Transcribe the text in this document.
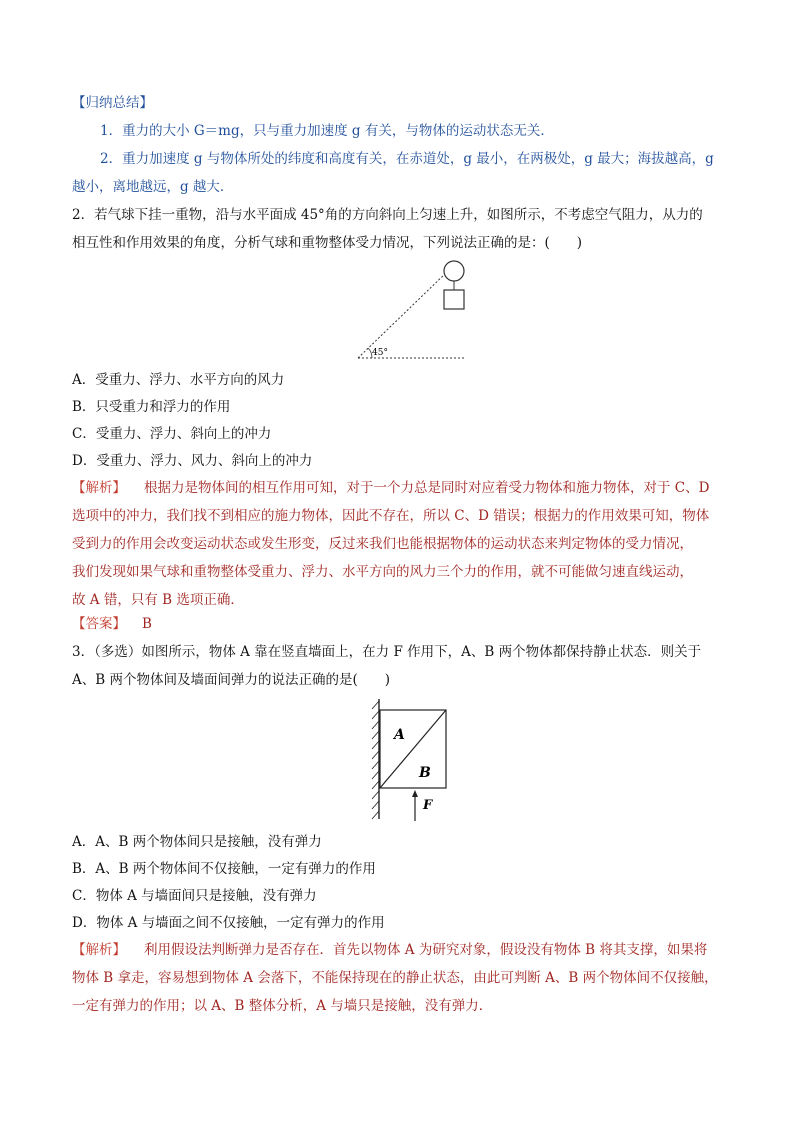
【归纳总结】
1．重力的大小 G＝mg，只与重力加速度 g 有关，与物体的运动状态无关．
2．重力加速度 g 与物体所处的纬度和高度有关，在赤道处，g 最小，在两极处，g 最大；海拔越高，g
越小，离地越远，g 越大．
2．若气球下挂一重物，沿与水平面成 45°角的方向斜向上匀速上升，如图所示，不考虑空气阻力，从力的
相互性和作用效果的角度，分析气球和重物整体受力情况，下列说法正确的是：(　　)
45°
A．受重力、浮力、水平方向的风力
B．只受重力和浮力的作用
C．受重力、浮力、斜向上的冲力
D．受重力、浮力、风力、斜向上的冲力
【解析】 根据力是物体间的相互作用可知，对于一个力总是同时对应着受力物体和施力物体，对于 C、D
选项中的冲力，我们找不到相应的施力物体，因此不存在，所以 C、D 错误；根据力的作用效果可知，物体
受到力的作用会改变运动状态或发生形变，反过来我们也能根据物体的运动状态来判定物体的受力情况，
我们发现如果气球和重物整体受重力、浮力、水平方向的风力三个力的作用，就不可能做匀速直线运动，
故 A 错，只有 B 选项正确．
【答案】 B
3．（多选）如图所示，物体 A 靠在竖直墙面上，在力 F 作用下，A、B 两个物体都保持静止状态．则关于
A、B 两个物体间及墙面间弹力的说法正确的是(　　)
A
B
F
A．A、B 两个物体间只是接触，没有弹力
B．A、B 两个物体间不仅接触，一定有弹力的作用
C．物体 A 与墙面间只是接触，没有弹力
D．物体 A 与墙面之间不仅接触，一定有弹力的作用
【解析】 利用假设法判断弹力是否存在．首先以物体 A 为研究对象，假设没有物体 B 将其支撑，如果将
物体 B 拿走，容易想到物体 A 会落下，不能保持现在的静止状态，由此可判断 A、B 两个物体间不仅接触，
一定有弹力的作用；以 A、B 整体分析，A 与墙只是接触，没有弹力．
